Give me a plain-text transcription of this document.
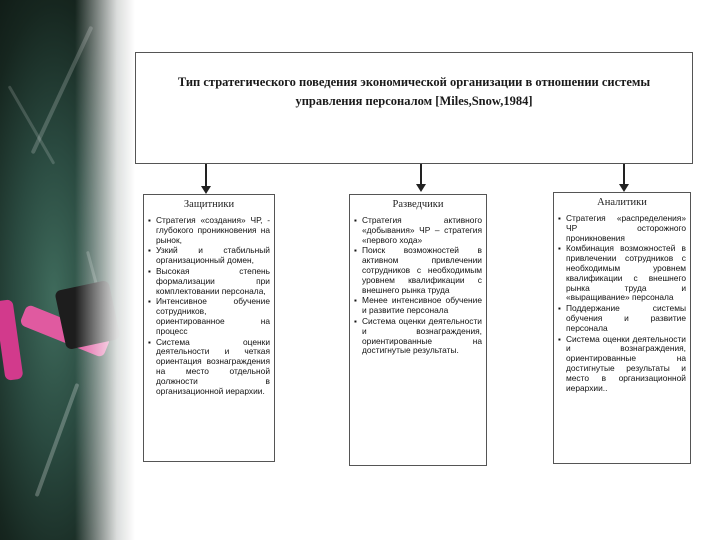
Тип стратегического поведения экономической организации в отношении системы управления персоналом [Miles,Snow,1984]
Защитники
▪ Стратегия «создания» ЧР, - глубокого проникновения на рынок,
▪ Узкий и стабильный организационный домен,
▪ Высокая степень формализации при комплектовании персонала,
▪ Интенсивное обучение сотрудников, ориентированное на процесс
▪ Система оценки деятельности и четкая ориентация вознаграждения на место отдельной должности в организационной иерархии.
Разведчики
▪ Стратегия активного «добывания» ЧР – стратегия «первого хода»
▪ Поиск возможностей в активном привлечении сотрудников с необходимым уровнем квалификации с внешнего рынка труда
▪ Менее интенсивное обучение и развитие персонала
▪ Система оценки деятельности и вознаграждения, ориентированные на достигнутые результаты.
Аналитики
▪ Стратегия «распределения» ЧР осторожного проникновения
▪ Комбинация возможностей в привлечении сотрудников с необходимым уровнем квалификации с внешнего рынка труда и «выращивание» персонала
▪ Поддержание системы обучения и развитие персонала
▪ Система оценки деятельности и вознаграждения, ориентированные на достигнутые результаты и место в организационной иерархии..
